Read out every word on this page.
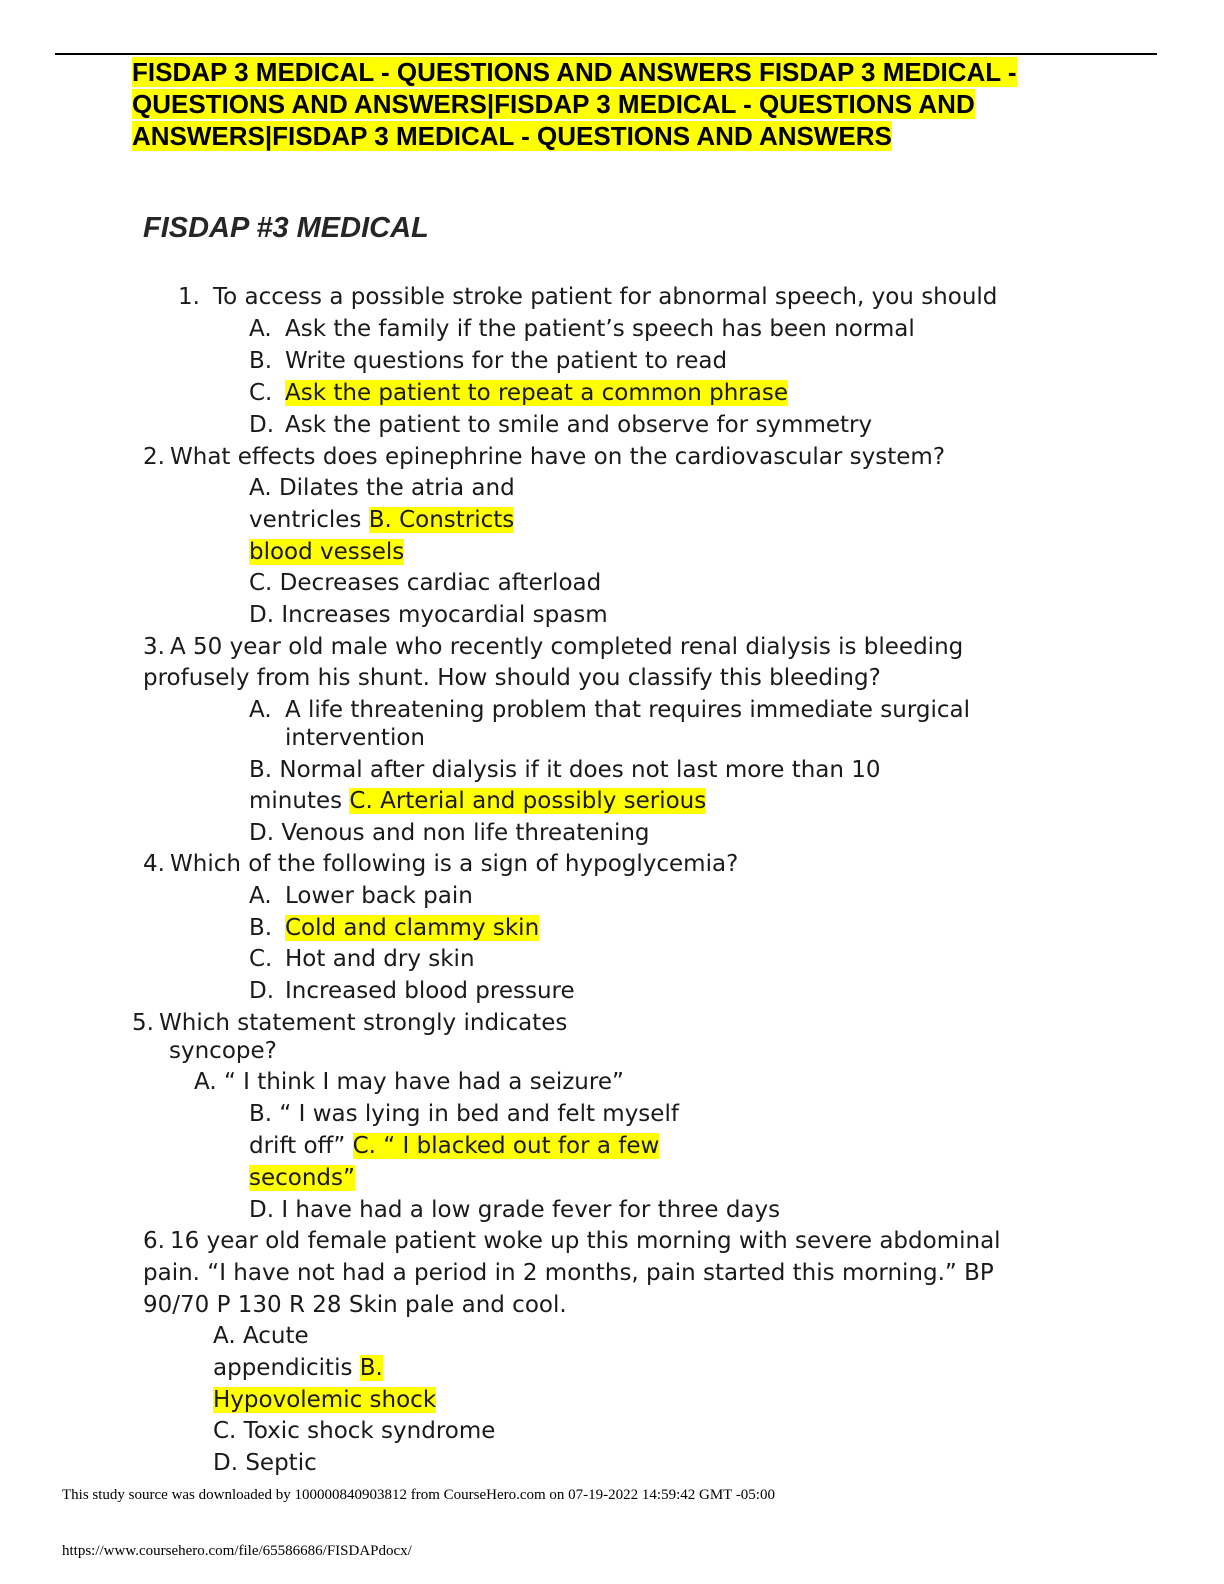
FISDAP 3 MEDICAL - QUESTIONS AND ANSWERS FISDAP 3 MEDICAL -
QUESTIONS AND ANSWERS|FISDAP 3 MEDICAL - QUESTIONS AND
ANSWERS|FISDAP 3 MEDICAL - QUESTIONS AND ANSWERS
FISDAP #3 MEDICAL
1. To access a possible stroke patient for abnormal speech, you should
A. Ask the family if the patient’s speech has been normal
B. Write questions for the patient to read
C. Ask the patient to repeat a common phrase
D. Ask the patient to smile and observe for symmetry
2. What effects does epinephrine have on the cardiovascular system?
A. Dilates the atria and
ventricles B. Constricts
blood vessels
C. Decreases cardiac afterload
D. Increases myocardial spasm
3. A 50 year old male who recently completed renal dialysis is bleeding
profusely from his shunt. How should you classify this bleeding?
A. A life threatening problem that requires immediate surgical
intervention
B. Normal after dialysis if it does not last more than 10
minutes C. Arterial and possibly serious
D. Venous and non life threatening
4. Which of the following is a sign of hypoglycemia?
A. Lower back pain
B. Cold and clammy skin
C. Hot and dry skin
D. Increased blood pressure
5. Which statement strongly indicates
syncope?
A. “ I think I may have had a seizure”
B. “ I was lying in bed and felt myself
drift off” C. “ I blacked out for a few
seconds”
D. I have had a low grade fever for three days
6. 16 year old female patient woke up this morning with severe abdominal
pain. “I have not had a period in 2 months, pain started this morning.” BP
90/70 P 130 R 28 Skin pale and cool.
A. Acute
appendicitis B.
Hypovolemic shock
C. Toxic shock syndrome
D. Septic
This study source was downloaded by 100000840903812 from CourseHero.com on 07-19-2022 14:59:42 GMT -05:00
https://www.coursehero.com/file/65586686/FISDAPdocx/
